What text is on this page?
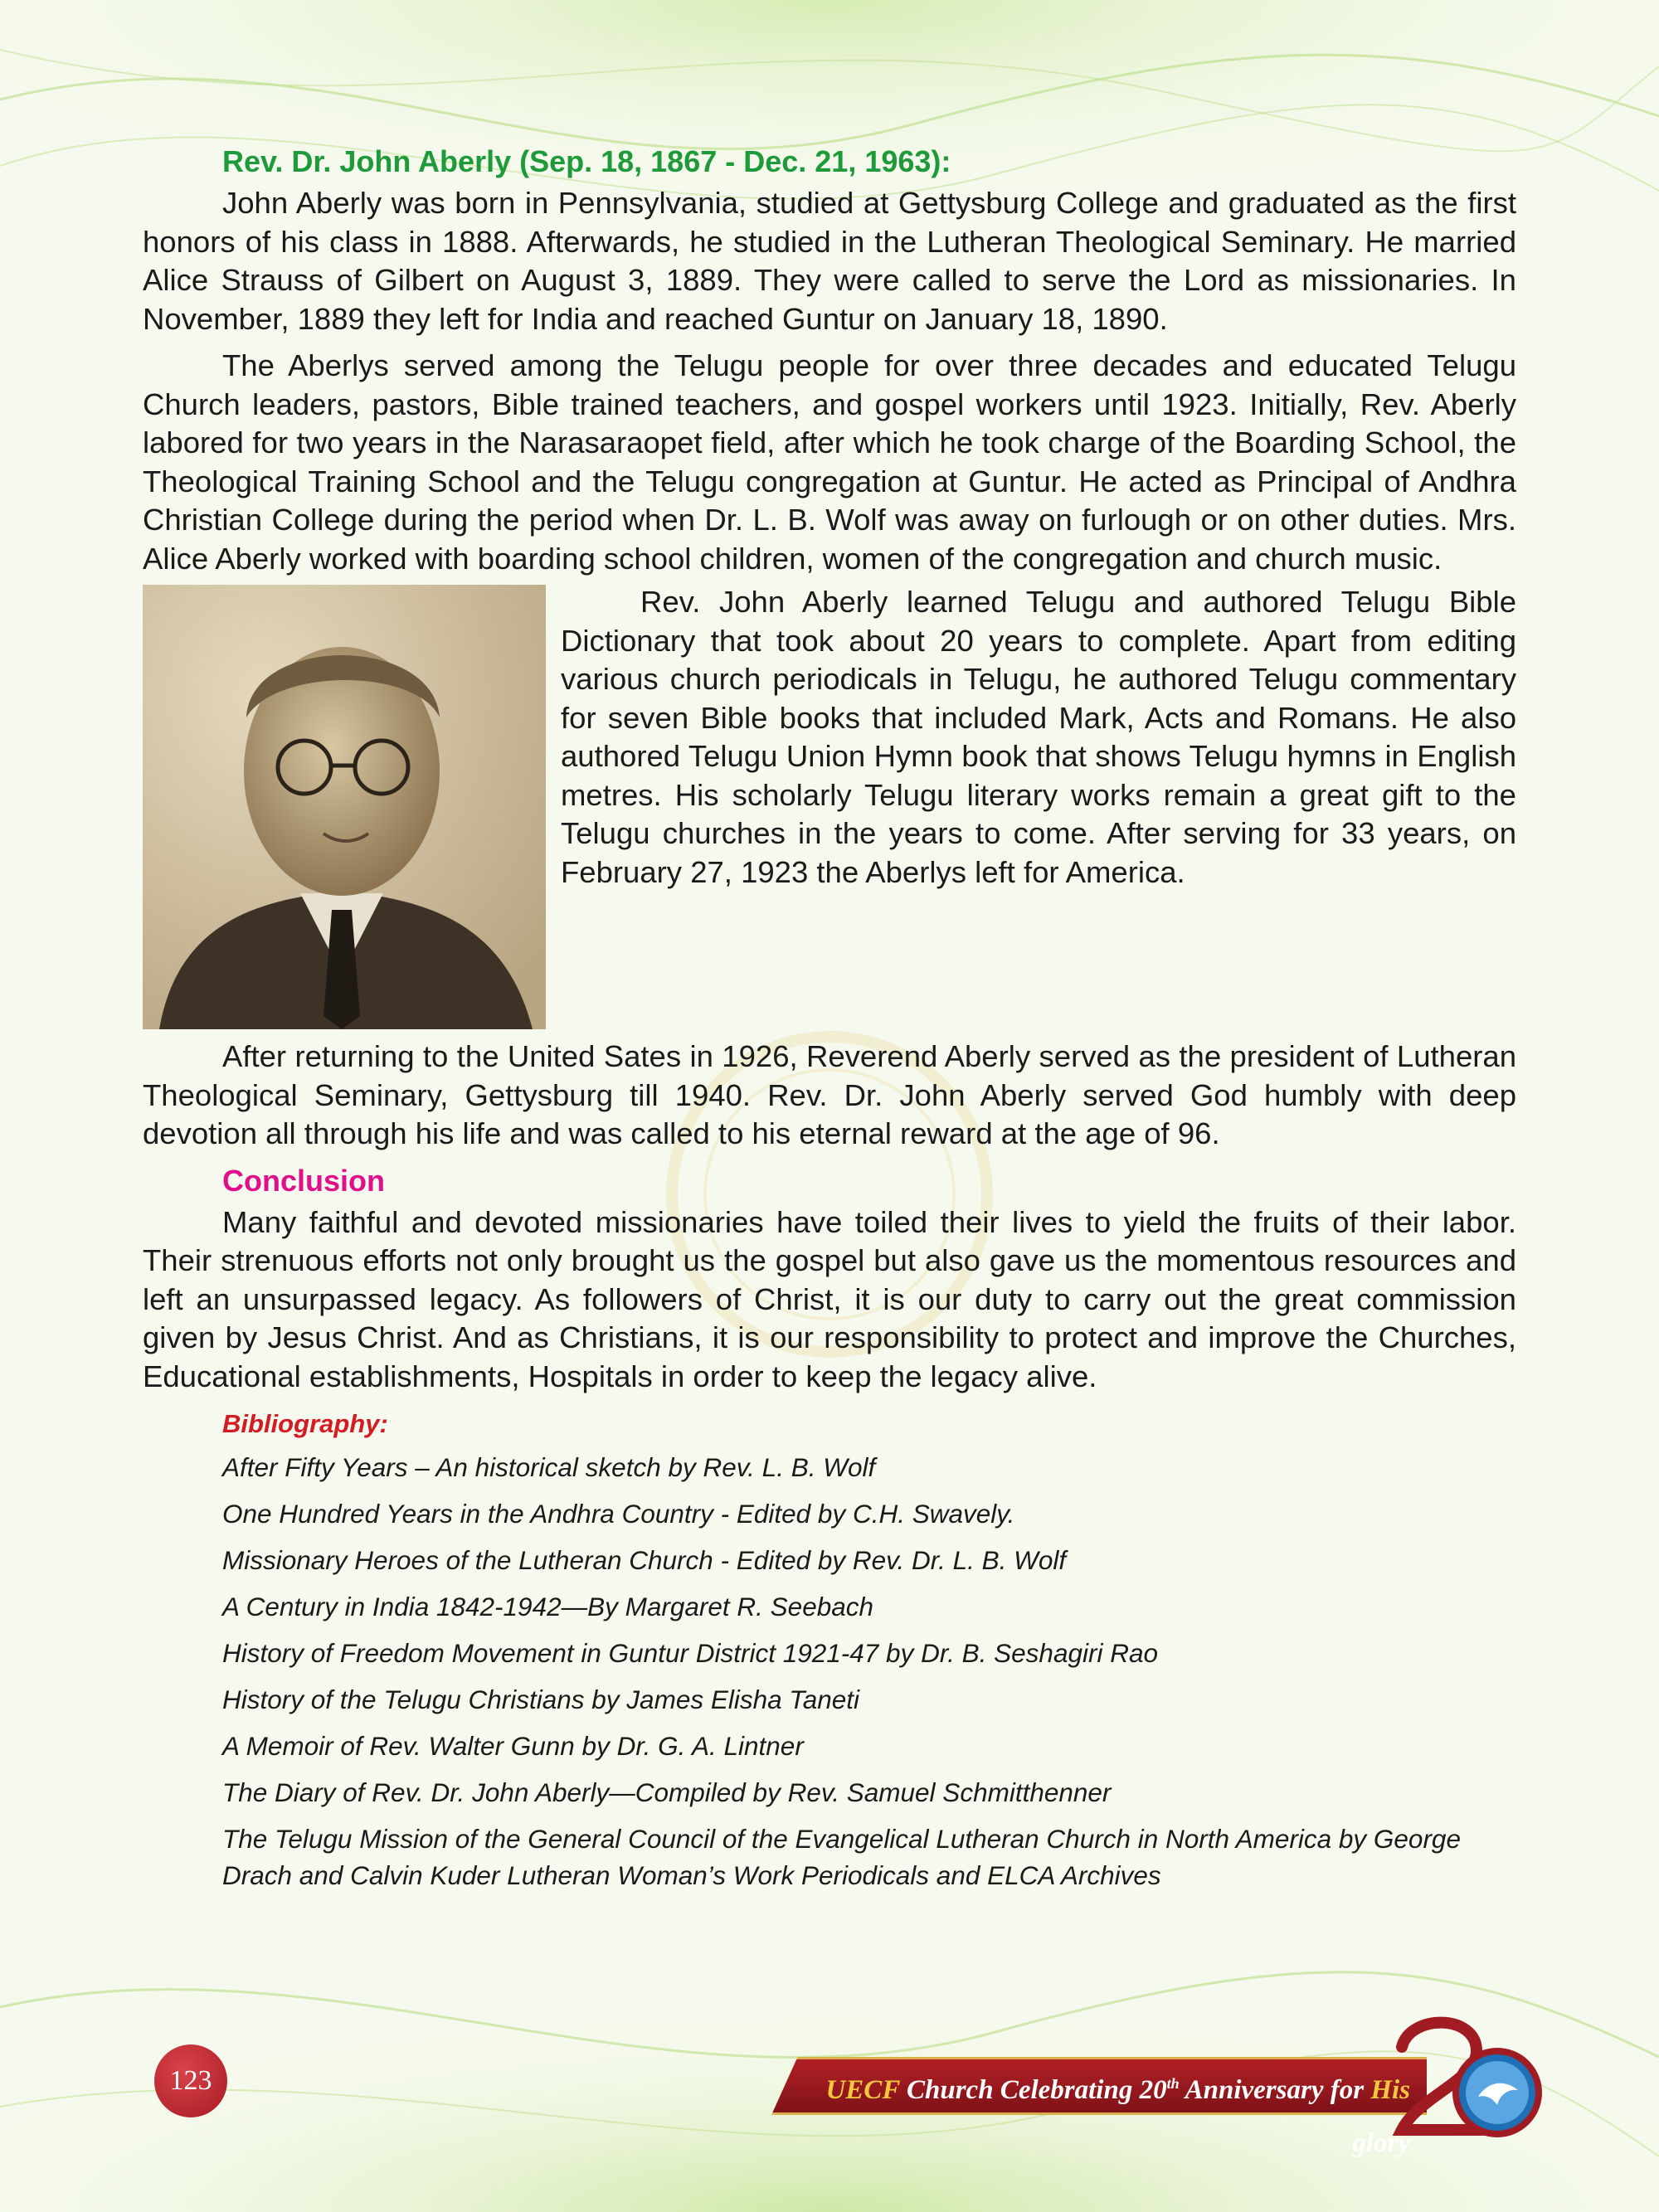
Rev. Dr. John Aberly (Sep. 18, 1867 - Dec. 21, 1963):

John Aberly was born in Pennsylvania, studied at Gettysburg College and graduated as the first honors of his class in 1888. Afterwards, he studied in the Lutheran Theological Seminary. He married Alice Strauss of Gilbert on August 3, 1889. They were called to serve the Lord as missionaries. In November, 1889 they left for India and reached Guntur on January 18, 1890.

The Aberlys served among the Telugu people for over three decades and educated Telugu Church leaders, pastors, Bible trained teachers, and gospel workers until 1923. Initially, Rev. Aberly labored for two years in the Narasaraopet field, after which he took charge of the Boarding School, the Theological Training School and the Telugu congregation at Guntur. He acted as Principal of Andhra Christian College during the period when Dr. L. B. Wolf was away on furlough or on other duties. Mrs. Alice Aberly worked with boarding school children, women of the congregation and church music.

Rev. John Aberly learned Telugu and authored Telugu Bible Dictionary that took about 20 years to complete. Apart from editing various church periodicals in Telugu, he authored Telugu commentary for seven Bible books that included Mark, Acts and Romans. He also authored Telugu Union Hymn book that shows Telugu hymns in English metres. His scholarly Telugu literary works remain a great gift to the Telugu churches in the years to come. After serving for 33 years, on February 27, 1923 the Aberlys left for America.

After returning to the United Sates in 1926, Reverend Aberly served as the president of Lutheran Theological Seminary, Gettysburg till 1940. Rev. Dr. John Aberly served God humbly with deep devotion all through his life and was called to his eternal reward at the age of 96.

Conclusion

Many faithful and devoted missionaries have toiled their lives to yield the fruits of their labor. Their strenuous efforts not only brought us the gospel but also gave us the momentous resources and left an unsurpassed legacy. As followers of Christ, it is our duty to carry out the great commission given by Jesus Christ. And as Christians, it is our responsibility to protect and improve the Churches, Educational establishments, Hospitals in order to keep the legacy alive.

Bibliography:
After Fifty Years – An historical sketch by Rev. L. B. Wolf
One Hundred Years in the Andhra Country - Edited by C.H. Swavely.
Missionary Heroes of the Lutheran Church - Edited by Rev. Dr. L. B. Wolf
A Century in India 1842-1942—By Margaret R. Seebach
History of Freedom Movement in Guntur District 1921-47 by Dr. B. Seshagiri Rao
History of the Telugu Christians by James Elisha Taneti
A Memoir of Rev. Walter Gunn by Dr. G. A. Lintner
The Diary of Rev. Dr. John Aberly—Compiled by Rev. Samuel Schmitthenner
The Telugu Mission of the General Council of the Evangelical Lutheran Church in North America by George Drach and Calvin Kuder Lutheran Woman’s Work Periodicals and ELCA Archives
123	UECF Church Celebrating 20th Anniversary for His glory
